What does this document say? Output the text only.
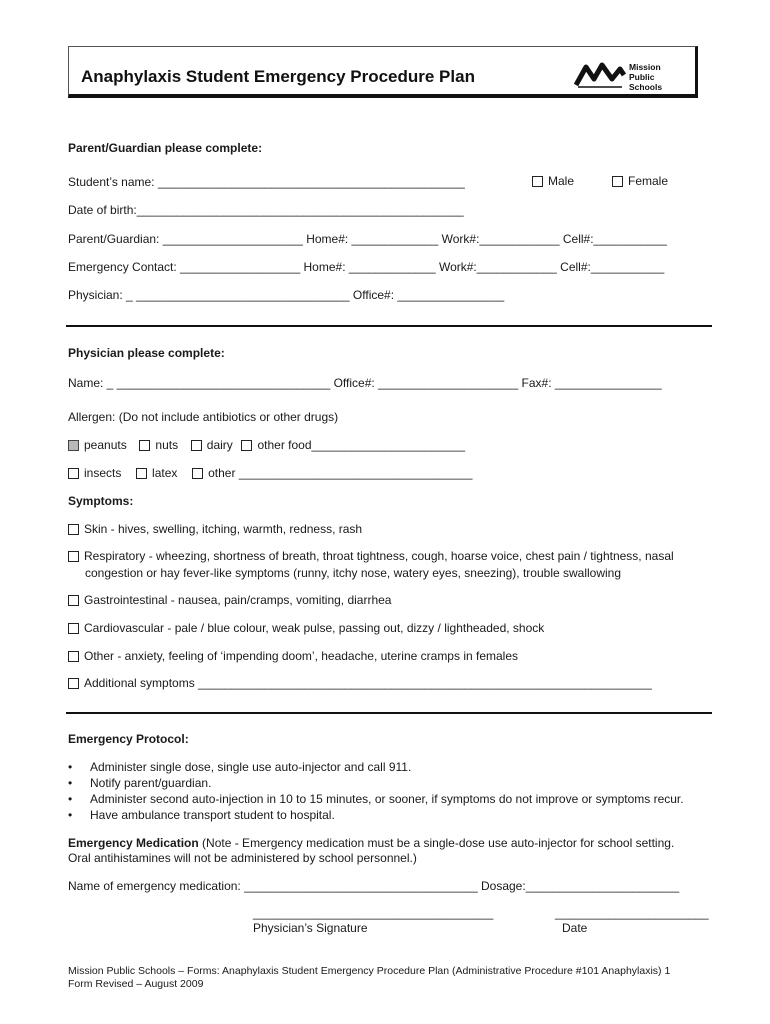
Anaphylaxis Student Emergency Procedure Plan	Mission
Public Schools
Parent/Guardian please complete:
Student’s name: ______________________________________________	Male	Female
Date of birth:_________________________________________________
Parent/Guardian: _____________________ Home#: _____________ Work#:____________ Cell#:___________
Emergency Contact: __________________ Home#: _____________ Work#:____________ Cell#:___________
Physician: _ ________________________________ Office#: ________________
Physician please complete:
Name: _ ________________________________ Office#: _____________________ Fax#: ________________
Allergen: (Do not include antibiotics or other drugs)
peanuts nuts dairy other food_______________________
insects	latex	other ___________________________________
Symptoms:
Skin - hives, swelling, itching, warmth, redness, rash
Respiratory - wheezing, shortness of breath, throat tightness, cough, hoarse voice, chest pain / tightness, nasal
congestion or hay fever-like symptoms (runny, itchy nose, watery eyes, sneezing), trouble swallowing
Gastrointestinal - nausea, pain/cramps, vomiting, diarrhea
Cardiovascular - pale / blue colour, weak pulse, passing out, dizzy / lightheaded, shock
Other - anxiety, feeling of ‘impending doom’, headache, uterine cramps in females
Additional symptoms ____________________________________________________________________
Emergency Protocol:
• Administer single dose, single use auto-injector and call 911.
• Notify parent/guardian.
• Administer second auto-injection in 10 to 15 minutes, or sooner, if symptoms do not improve or symptoms recur.
• Have ambulance transport student to hospital.
Emergency Medication (Note - Emergency medication must be a single-dose use auto-injector for school setting.
Oral antihistamines will not be administered by school personnel.)
Name of emergency medication: ___________________________________ Dosage:_______________________
____________________________________
Physician’s Signature
_______________________
Date
Mission Public Schools – Forms: Anaphylaxis Student Emergency Procedure Plan (Administrative Procedure #101 Anaphylaxis) 1
Form Revised – August 2009
